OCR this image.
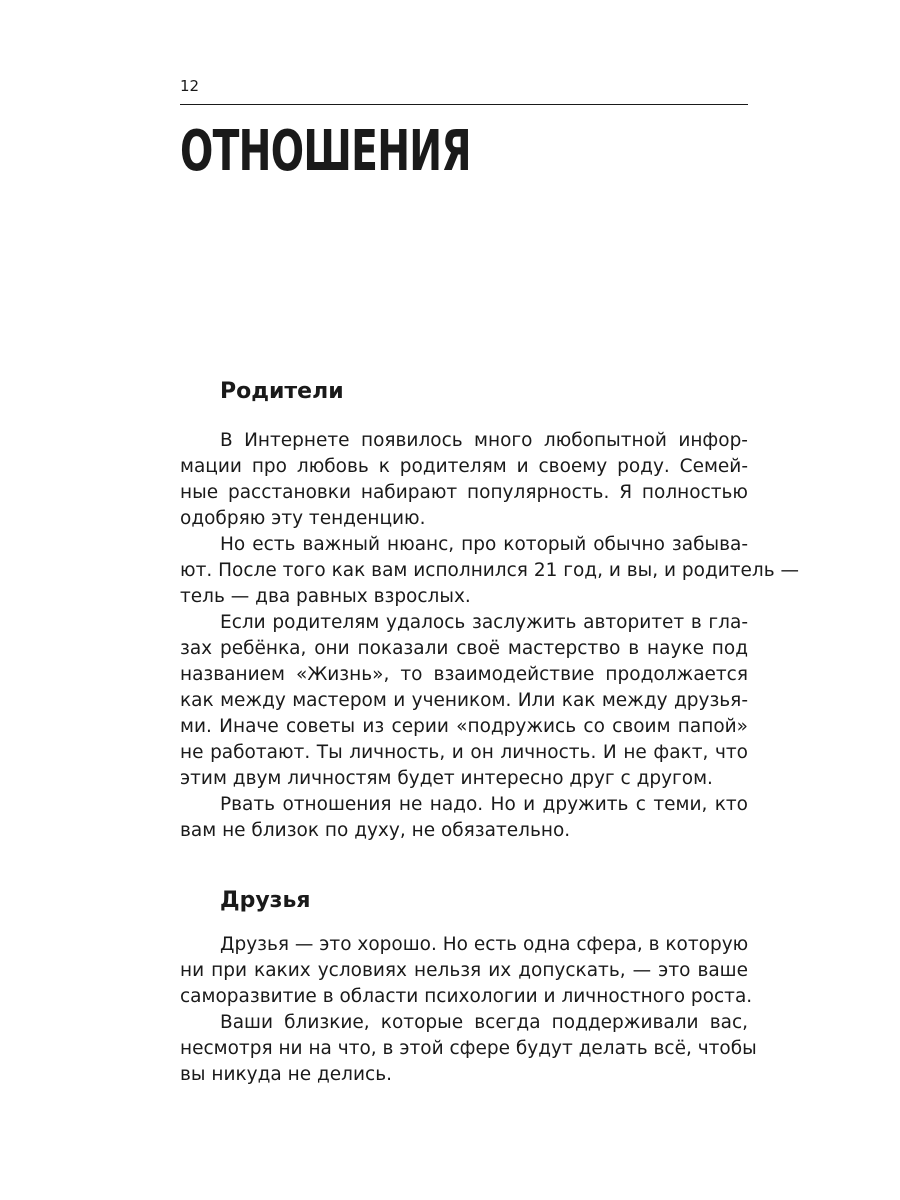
12
ОТНОШЕНИЯ
Родители
В Интернете появилось много любопытной инфор-
мации про любовь к родителям и своему роду. Семей-
ные расстановки набирают популярность. Я полностью
одобряю эту тенденцию.
Но есть важный нюанс, про который обычно забыва-
ют. После того как вам исполнился 21 год, и вы, и родитель —
тель — два равных взрослых.
Если родителям удалось заслужить авторитет в гла-
зах ребёнка, они показали своё мастерство в науке под
названием «Жизнь», то взаимодействие продолжается
как между мастером и учеником. Или как между друзья-
ми. Иначе советы из серии «подружись со своим папой»
не работают. Ты личность, и он личность. И не факт, что
этим двум личностям будет интересно друг с другом.
Рвать отношения не надо. Но и дружить с теми, кто
вам не близок по духу, не обязательно.
Друзья
Друзья — это хорошо. Но есть одна сфера, в которую
ни при каких условиях нельзя их допускать, — это ваше
саморазвитие в области психологии и личностного роста.
Ваши близкие, которые всегда поддерживали вас,
несмотря ни на что, в этой сфере будут делать всё, чтобы
вы никуда не делись.
